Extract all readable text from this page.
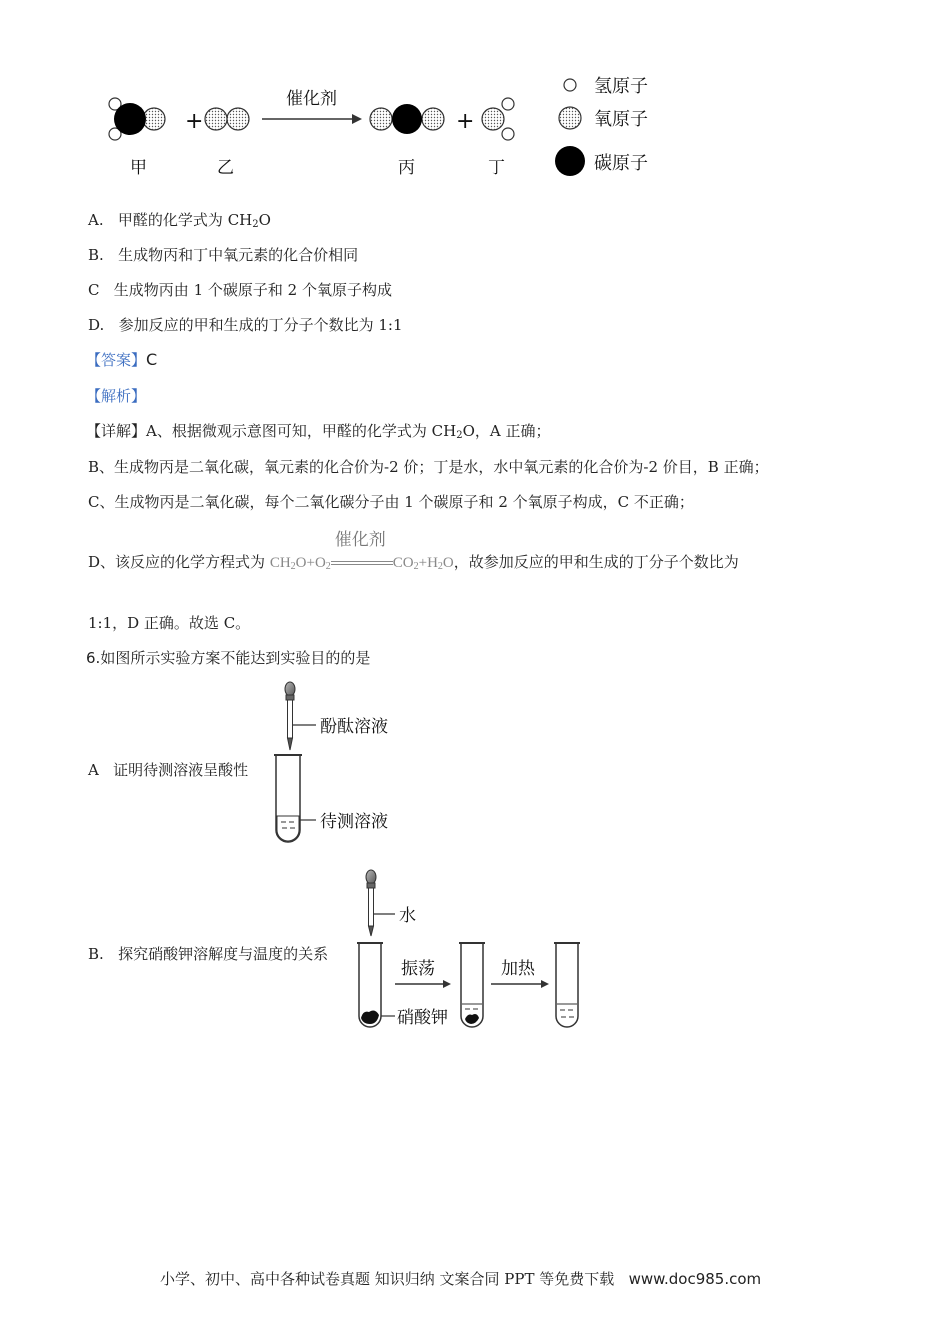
+
催化剂
+
甲	乙	丙	丁
氢原子
氧原子
碳原子
A. 甲醛的化学式为 $CH_2O$
B. 生成物丙和丁中氧元素的化合价相同
C 生成物丙由 1 个碳原子和 2 个氧原子构成
D. 参加反应的甲和生成的丁分子个数比为 1:1
【答案】C
【解析】
【详解】A、根据微观示意图可知，甲醛的化学式为 $CH_2O$，A 正确；
B、生成物丙是二氧化碳，氧元素的化合价为-2 价；丁是水，水中氧元素的化合价为-2 价目，B 正确；
C、生成物丙是二氧化碳，每个二氧化碳分子由 1 个碳原子和 2 个氧原子构成，C 不正确；
D、该反应的化学方程式为 $CH_2O+O_2$
催化剂
$CO_2+H_2O$，故参加反应的甲和生成的丁分子个数比为
1:1，D 正确。故选 C。
6.如图所示实验方案不能达到实验目的的是
A 证明待测溶液呈酸性
酚酞溶液
待测溶液
B. 探究硝酸钾溶解度与温度的关系
水
硝酸钾
振荡	加热
小学、初中、高中各种试卷真题 知识归纳 文案合同 PPT 等免费下载 www.doc985.com
